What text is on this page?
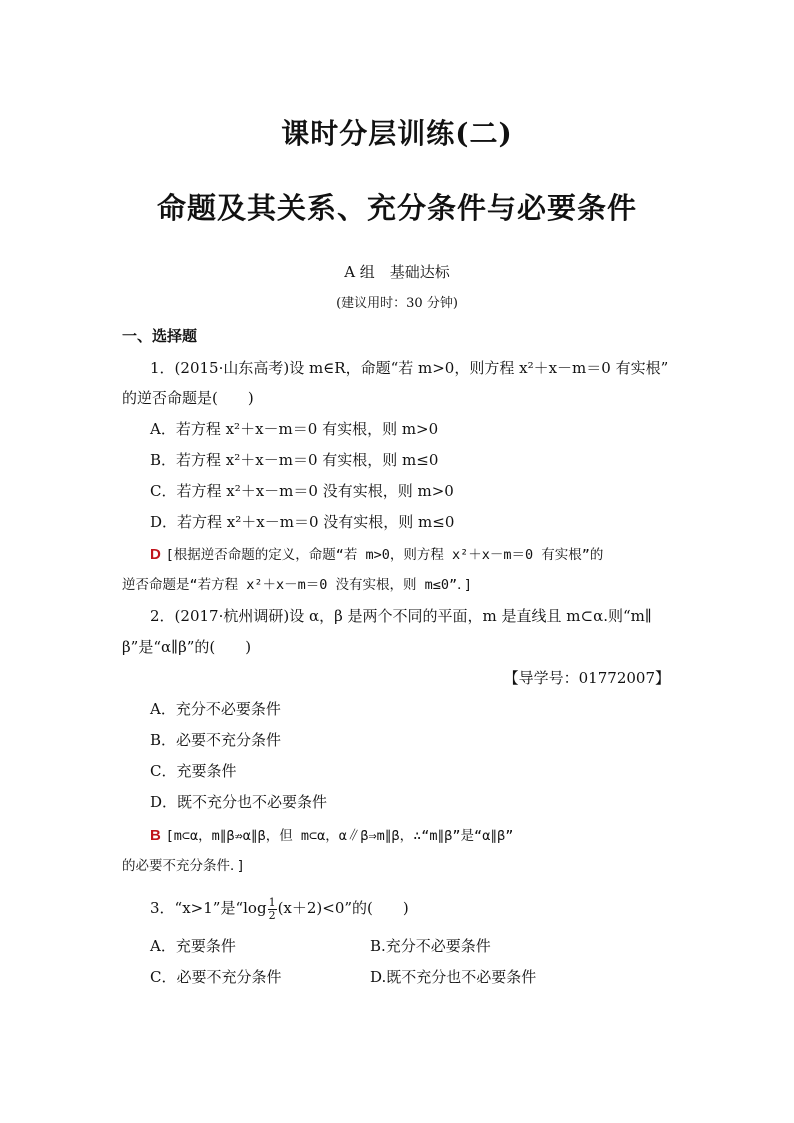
课时分层训练(二)
命题及其关系、充分条件与必要条件
A 组　基础达标
(建议用时：30 分钟)
一、选择题
1．(2015·山东高考)设 m∈R，命题“若 m>0，则方程 x²＋x－m＝0 有实根”
的逆否命题是(　　)
A．若方程 x²＋x－m＝0 有实根，则 m>0
B．若方程 x²＋x－m＝0 有实根，则 m≤0
C．若方程 x²＋x－m＝0 没有实根，则 m>0
D．若方程 x²＋x－m＝0 没有实根，则 m≤0
D [根据逆否命题的定义，命题“若 m>0，则方程 x²＋x－m＝0 有实根”的
逆否命题是“若方程 x²＋x－m＝0 没有实根，则 m≤0”．]
2．(2017·杭州调研)设 α，β 是两个不同的平面，m 是直线且 m⊂α.则“m∥
β”是“α∥β”的(　　)
【导学号：01772007】
A．充分不必要条件
B．必要不充分条件
C．充要条件
D．既不充分也不必要条件
B [m⊂α，m∥β⇏α∥β，但 m⊂α，α∥β⇒m∥β，∴“m∥β”是“α∥β”
的必要不充分条件．]
3．“x>1”是“$\log \frac{1}{2} (x+2)<0$”的(　　)
A．充要条件	B.充分不必要条件
C．必要不充分条件	D.既不充分也不必要条件
